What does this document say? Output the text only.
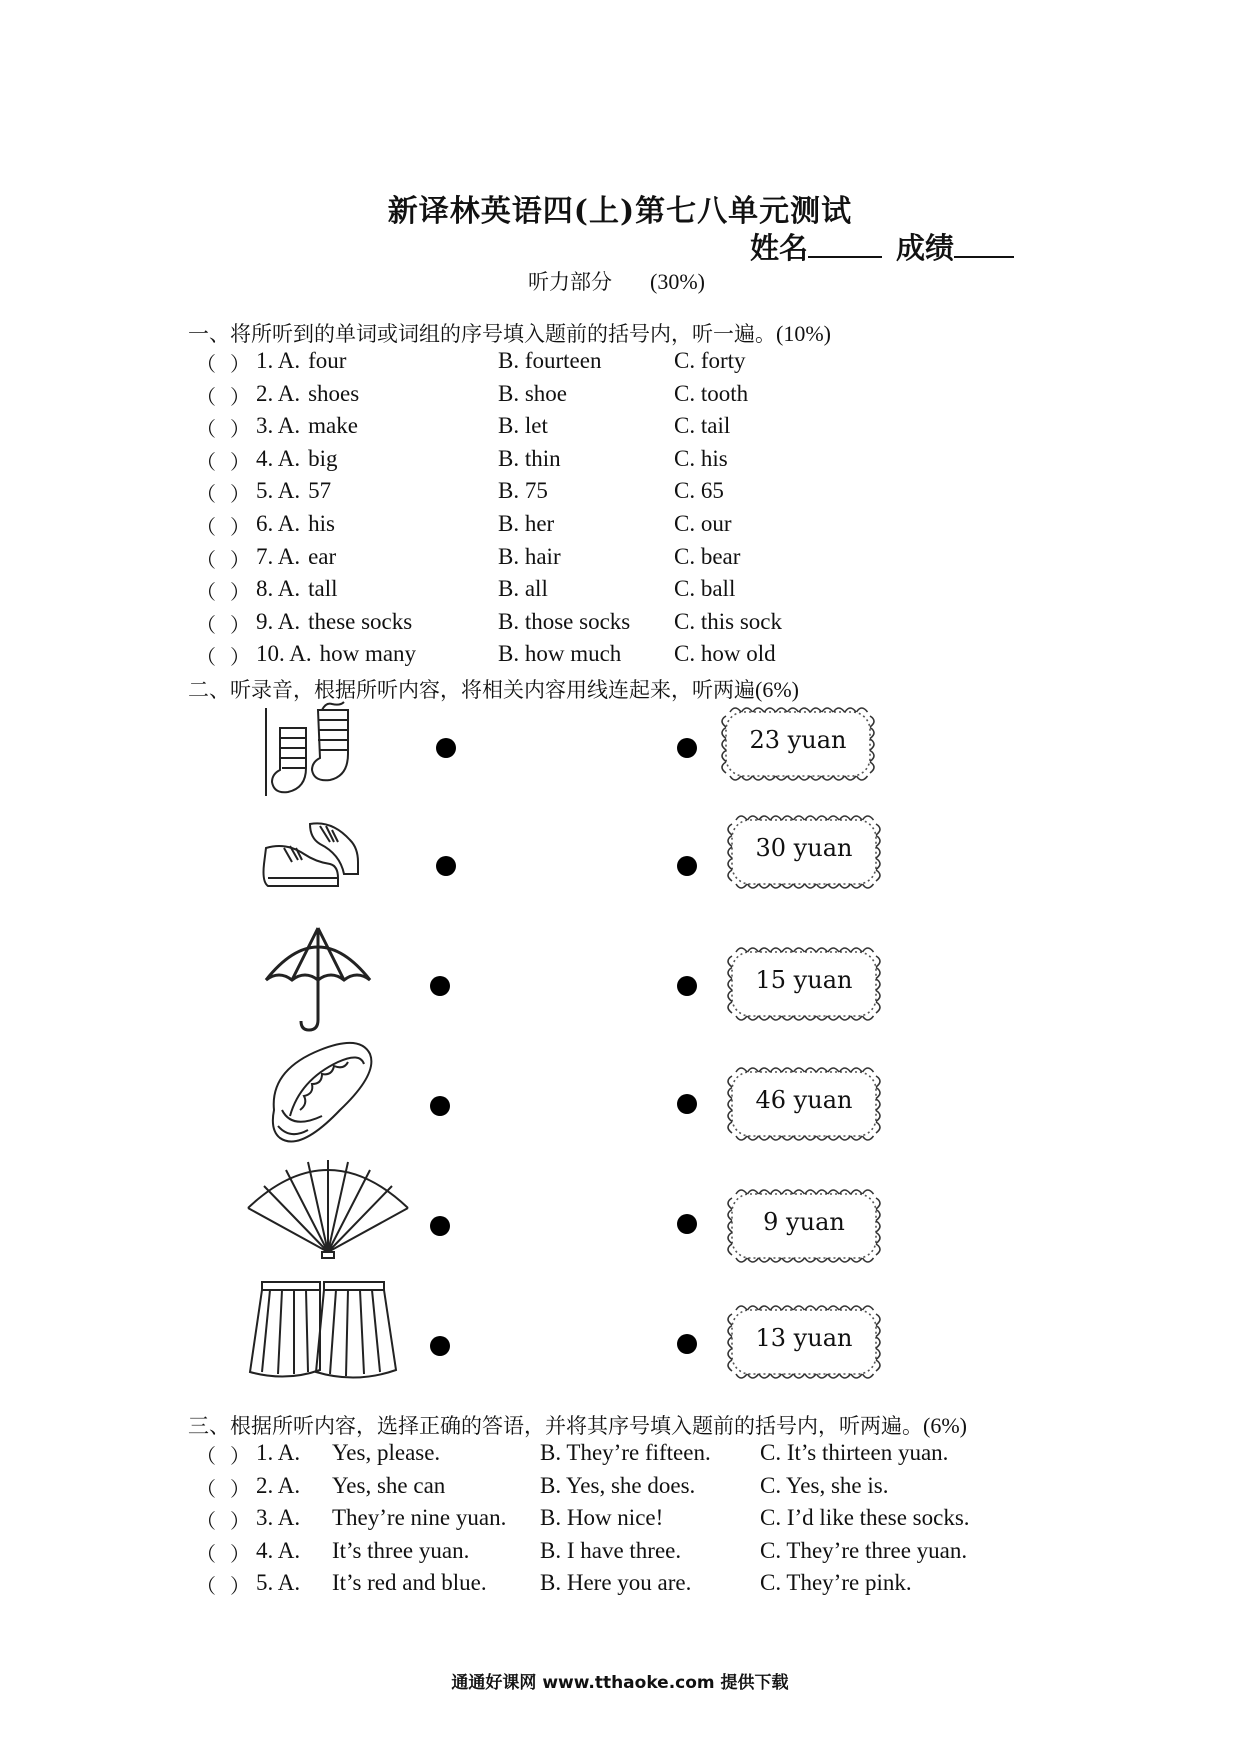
新译林英语四(上)第七八单元测试
姓名	成绩
听力部分 (30%)
一、将所听到的单词或词组的序号填入题前的括号内，听一遍。(10%)
（）
1. A. four	B. fourteen	C. forty
（）
2. A. shoes	B. shoe	C. tooth
（）
3. A. make	B. let	C. tail
（）
4. A. big	B. thin	C. his
（）
5. A. 57	B. 75	C. 65
（）
6. A. his	B. her	C. our
（）
7. A. ear	B. hair	C. bear
（）
8. A. tall	B. all	C. ball
（）
9. A. these socks	B. those socks C. this sock
（）
10. A. how many	B. how much C. how old
二、听录音，根据所听内容，将相关内容用线连起来，听两遍(6%)
23 yuan
30 yuan
15 yuan
46 yuan
9 yuan
13 yuan
三、根据所听内容，选择正确的答语，并将其序号填入题前的括号内，听两遍。(6%)
（）
1. A. Yes, please.	B. They’re fifteen. C. It’s thirteen yuan.
（）
2. A. Yes, she can	B. Yes, she does.	C. Yes, she is.
（）
3. A. They’re nine yuan. B. How nice!	C. I’d like these socks.
（）
4. A. It’s three yuan.	B. I have three.	C. They’re three yuan.
（）
5. A. It’s red and blue. B. Here you are.	C. They’re pink.
通通好课网 www.tthaoke.com 提供下载
